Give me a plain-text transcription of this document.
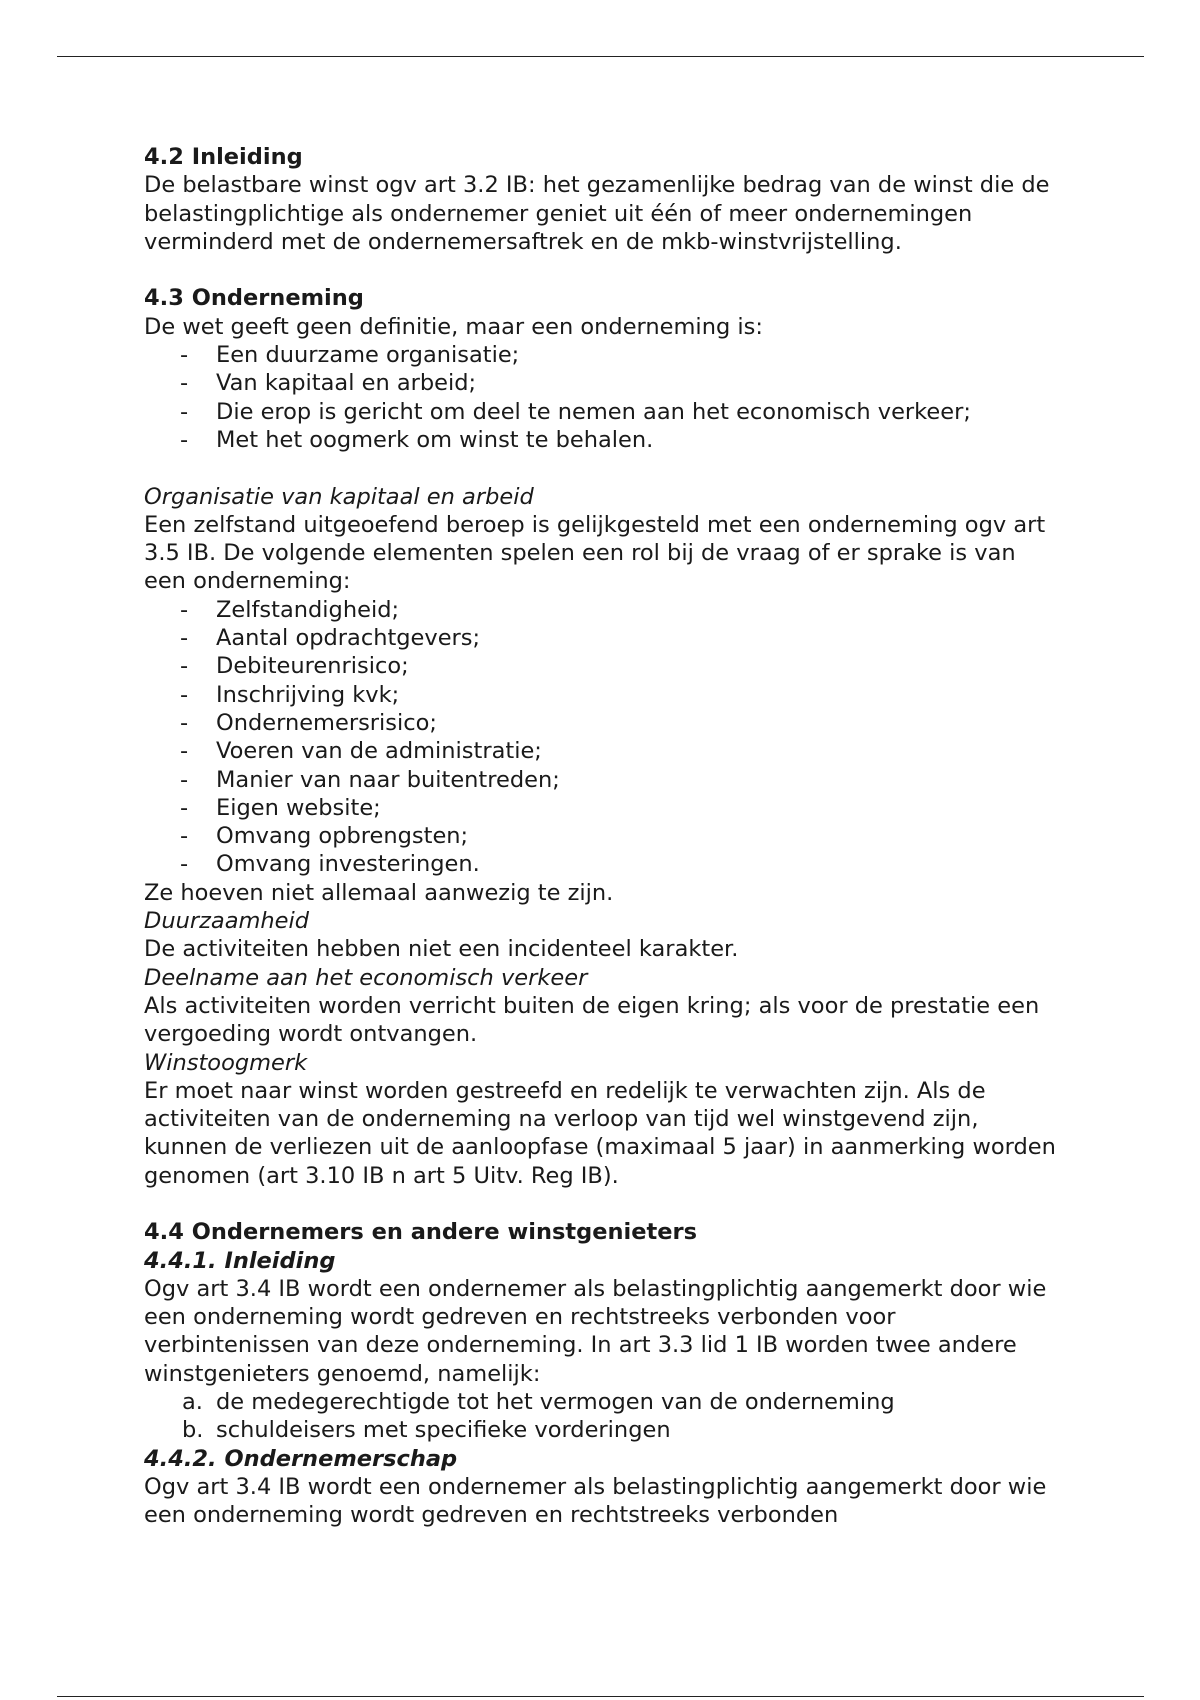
4.2 Inleiding

De belastbare winst ogv art 3.2 IB: het gezamenlijke bedrag van de winst die de belastingplichtige als ondernemer geniet uit één of meer ondernemingen verminderd met de ondernemersaftrek en de mkb-winstvrijstelling.

4.3 Onderneming

De wet geeft geen definitie, maar een onderneming is:

- Een duurzame organisatie;
- Van kapitaal en arbeid;
- Die erop is gericht om deel te nemen aan het economisch verkeer;
- Met het oogmerk om winst te behalen.

Organisatie van kapitaal en arbeid

Een zelfstand uitgeoefend beroep is gelijkgesteld met een onderneming ogv art 3.5 IB. De volgende elementen spelen een rol bij de vraag of er sprake is van een onderneming:

- Zelfstandigheid;
- Aantal opdrachtgevers;
- Debiteurenrisico;
- Inschrijving kvk;
- Ondernemersrisico;
- Voeren van de administratie;
- Manier van naar buitentreden;
- Eigen website;
- Omvang opbrengsten;
- Omvang investeringen.

Ze hoeven niet allemaal aanwezig te zijn.

Duurzaamheid

De activiteiten hebben niet een incidenteel karakter.

Deelname aan het economisch verkeer

Als activiteiten worden verricht buiten de eigen kring; als voor de prestatie een vergoeding wordt ontvangen.

Winstoogmerk

Er moet naar winst worden gestreefd en redelijk te verwachten zijn. Als de activiteiten van de onderneming na verloop van tijd wel winstgevend zijn, kunnen de verliezen uit de aanloopfase (maximaal 5 jaar) in aanmerking worden genomen (art 3.10 IB n art 5 Uitv. Reg IB).

4.4 Ondernemers en andere winstgenieters

4.4.1. Inleiding

Ogv art 3.4 IB wordt een ondernemer als belastingplichtig aangemerkt door wie een onderneming wordt gedreven en rechtstreeks verbonden voor verbintenissen van deze onderneming. In art 3.3 lid 1 IB worden twee andere winstgenieters genoemd, namelijk:

a. de medegerechtigde tot het vermogen van de onderneming
b. schuldeisers met specifieke vorderingen

4.4.2. Ondernemerschap

Ogv art 3.4 IB wordt een ondernemer als belastingplichtig aangemerkt door wie een onderneming wordt gedreven en rechtstreeks verbonden
